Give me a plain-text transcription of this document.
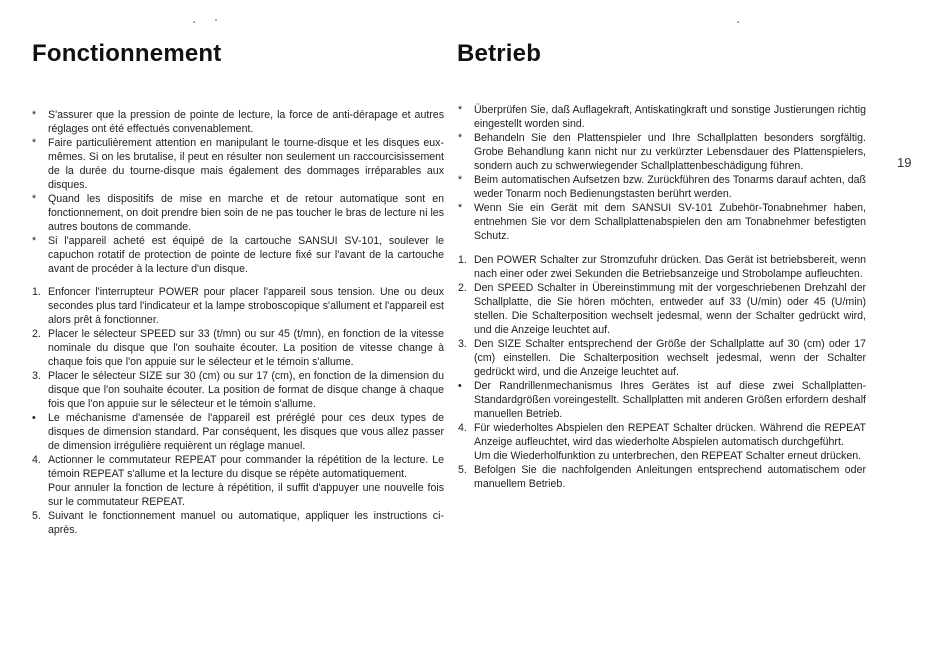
Fonctionnement	Betrieb
*	S'assurer que la pression de pointe de lecture, la force de anti-dérapage et autres réglages ont été effectués convenablement.
*	Faire particulièrement attention en manipulant le tourne-disque et les disques eux-mêmes. Si on les brutalise, il peut en résulter non seulement un raccourcisissement de la durée du tourne-disque mais également des dommages irréparables aux disques.
*	Quand les dispositifs de mise en marche et de retour automatique sont en fonctionnement, on doit prendre bien soin de ne pas toucher le bras de lecture ni les autres boutons de commande.
*	Si l'appareil acheté est équipé de la cartouche SANSUI SV-101, soulever le capuchon rotatif de protection de pointe de lecture fixé sur l'avant de la cartouche avant de procéder à la lecture d'un disque.
1. Enfoncer l'interrupteur POWER pour placer l'appareil sous tension. Une ou deux secondes plus tard l'indicateur et la lampe stroboscopique s'allument et l'appareil est alors prêt à fonctionner.
2. Placer le sélecteur SPEED sur 33 (t/mn) ou sur 45 (t/mn), en fonction de la vitesse nominale du disque que l'on souhaite écouter. La position de vitesse change à chaque fois que l'on appuie sur le sélecteur et le témoin s'allume.
3. Placer le sélecteur SIZE sur 30 (cm) ou sur 17 (cm), en fonction de la dimension du disque que l'on souhaite écouter. La position de format de disque change à chaque fois que l'on appuie sur le sélecteur et le témoin s'allume.
•	Le méchanisme d'amensée de l'appareil est préréglé pour ces deux types de disques de dimension standard. Par conséquent, les disques que vous allez passer de dimension irrégulière requièrent un réglage manuel.
4. Actionner le commutateur REPEAT pour commander la répétition de la lecture. Le témoin REPEAT s'allume et la lecture du disque se répète automatiquement.
Pour annuler la fonction de lecture à répétition, il suffit d'appuyer une nouvelle fois sur le commutateur REPEAT.
5. Suivant le fonctionnement manuel ou automatique, appliquer les instructions ci-après.
*	Überprüfen Sie, daß Auflagekraft, Antiskatingkraft und sonstige Justierungen richtig eingestellt worden sind.
*	Behandeln Sie den Plattenspieler und Ihre Schallplatten besonders sorgfältig. Grobe Behandlung kann nicht nur zu verkürzter Lebensdauer des Plattenspielers, sondern auch zu schwerwiegender Schallplattenbeschädigung führen.
*	Beim automatischen Aufsetzen bzw. Zurückführen des Tonarms darauf achten, daß weder Tonarm noch Bedienungstasten berührt werden.
*	Wenn Sie ein Gerät mit dem SANSUI SV-101 Zubehör-Tonabnehmer haben, entnehmen Sie vor dem Schallplattenabspielen den am Tonabnehmer befestigten Schutz.
1. Den POWER Schalter zur Stromzufuhr drücken. Das Gerät ist betriebsbereit, wenn nach einer oder zwei Sekunden die Betriebsanzeige und Strobolampe aufleuchten.
2. Den SPEED Schalter in Übereinstimmung mit der vorgeschriebenen Drehzahl der Schallplatte, die Sie hören möchten, entweder auf 33 (U/min) oder 45 (U/min) stellen. Die Schalterposition wechselt jedesmal, wenn der Schalter gedrückt wird, und die Anzeige leuchtet auf.
3. Den SIZE Schalter entsprechend der Größe der Schallplatte auf 30 (cm) oder 17 (cm) einstellen. Die Schalterposition wechselt jedesmal, wenn der Schalter gedrückt wird, und die Anzeige leuchtet auf.
•	Der Randrillenmechanismus Ihres Gerätes ist auf diese zwei Schallplatten-Standardgrößen voreingestellt. Schallplatten mit anderen Größen erfordern deshalf manuellen Betrieb.
4. Für wiederholtes Abspielen den REPEAT Schalter drücken. Während die REPEAT Anzeige aufleuchtet, wird das wiederholte Abspielen automatisch durchgeführt.
Um die Wiederholfunktion zu unterbrechen, den REPEAT Schalter erneut drücken.
5. Befolgen Sie die nachfolgenden Anleitungen entsprechend automatischem oder manuellem Betrieb.
19
